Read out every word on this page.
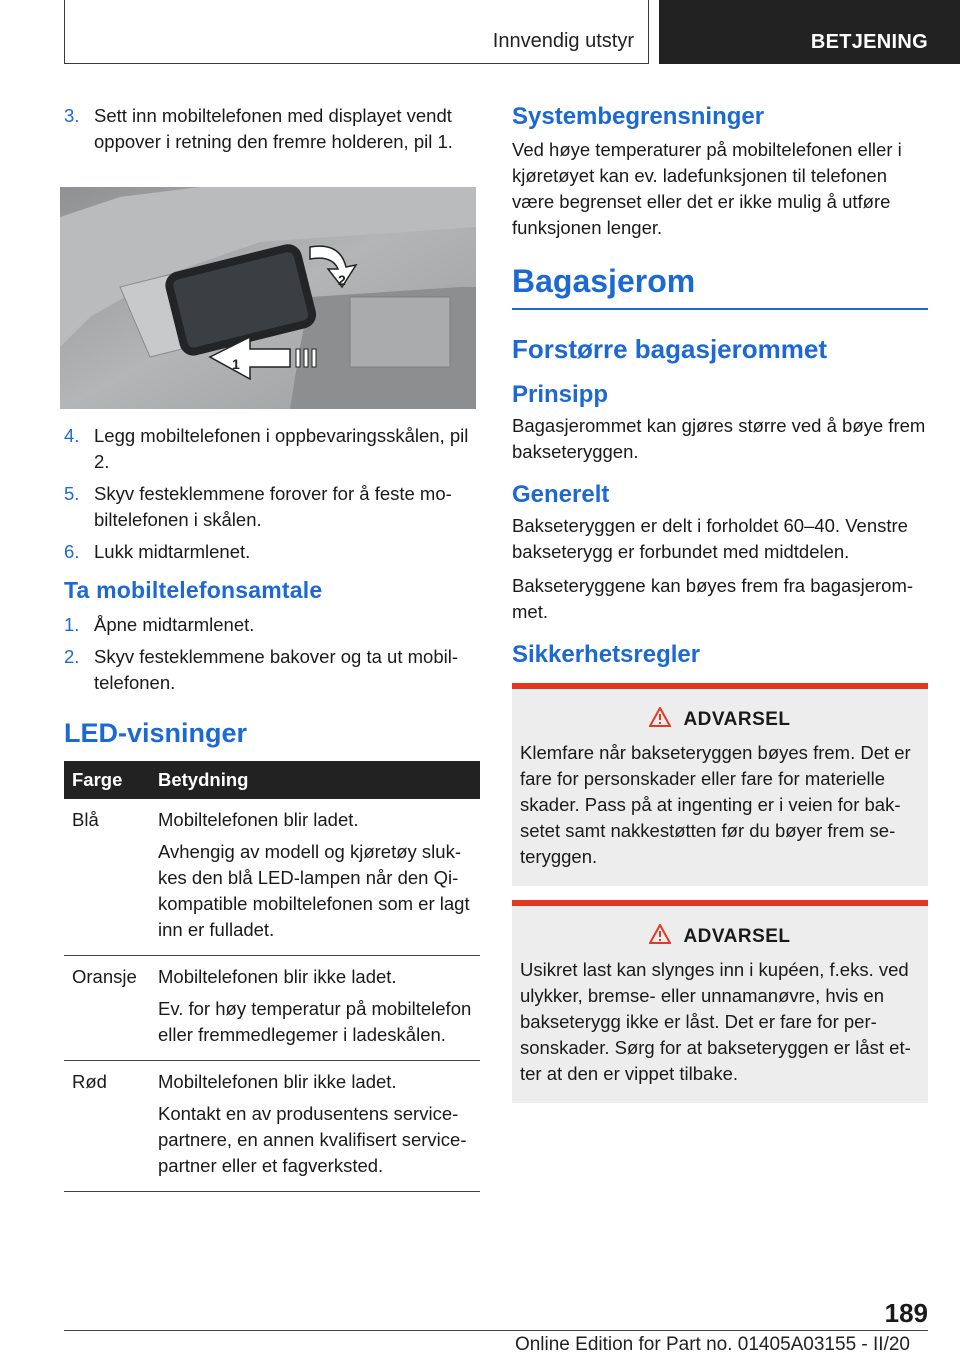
Innvendig utstyr	BETJENING
3. Sett inn mobiltelefonen med displayet vendt oppover i retning den fremre holderen, pil 1.
1
2
4. Legg mobiltelefonen i oppbevaringsskålen, pil 2.
5. Skyv festeklemmene forover for å feste mobiltelefonen i skålen.
6. Lukk midtarmlenet.
Ta mobiltelefonsamtale
1. Åpne midtarmlenet.
2. Skyv festeklemmene bakover og ta ut mobiltelefonen.
LED-visninger
Farge	Betydning
Blå	Mobiltelefonen blir ladet.

Avhengig av modell og kjøretøy slukkes den blå LED-lampen når den Qi-kompatible mobiltelefonen som er lagt inn er fulladet.

Oransje	Mobiltelefonen blir ikke ladet.

Ev. for høy temperatur på mobiltelefon eller fremmedlegemer i ladeskålen.

Rød	Mobiltelefonen blir ikke ladet.

Kontakt en av produsentens servicepartnere, en annen kvalifisert servicepartner eller et fagverksted.

Systembegrensninger

Ved høye temperaturer på mobiltelefonen eller i kjøretøyet kan ev. ladefunksjonen til telefonen være begrenset eller det er ikke mulig å utføre funksjonen lenger.

Bagasjerom
Forstørre bagasjerommet
Prinsipp

Bagasjerommet kan gjøres større ved å bøye frem bakseteryggen.

Generelt

Bakseteryggen er delt i forholdet 60–40. Venstre bakseterygg er forbundet med midtdelen.

Bakseteryggene kan bøyes frem fra bagasjerommet.

Sikkerhetsregler
ADVARSEL
Klemfare når bakseteryggen bøyes frem. Det er fare for personskader eller fare for materielle skader. Pass på at ingenting er i veien for baksetet samt nakkestøtten før du bøyer frem seteryggen.
ADVARSEL
Usikret last kan slynges inn i kupéen, f.eks. ved ulykker, bremse- eller unnamanøvre, hvis en bakseterygg ikke er låst. Det er fare for personskader. Sørg for at bakseteryggen er låst etter at den er vippet tilbake.
189
Online Edition for Part no. 01405A03155 - II/20
